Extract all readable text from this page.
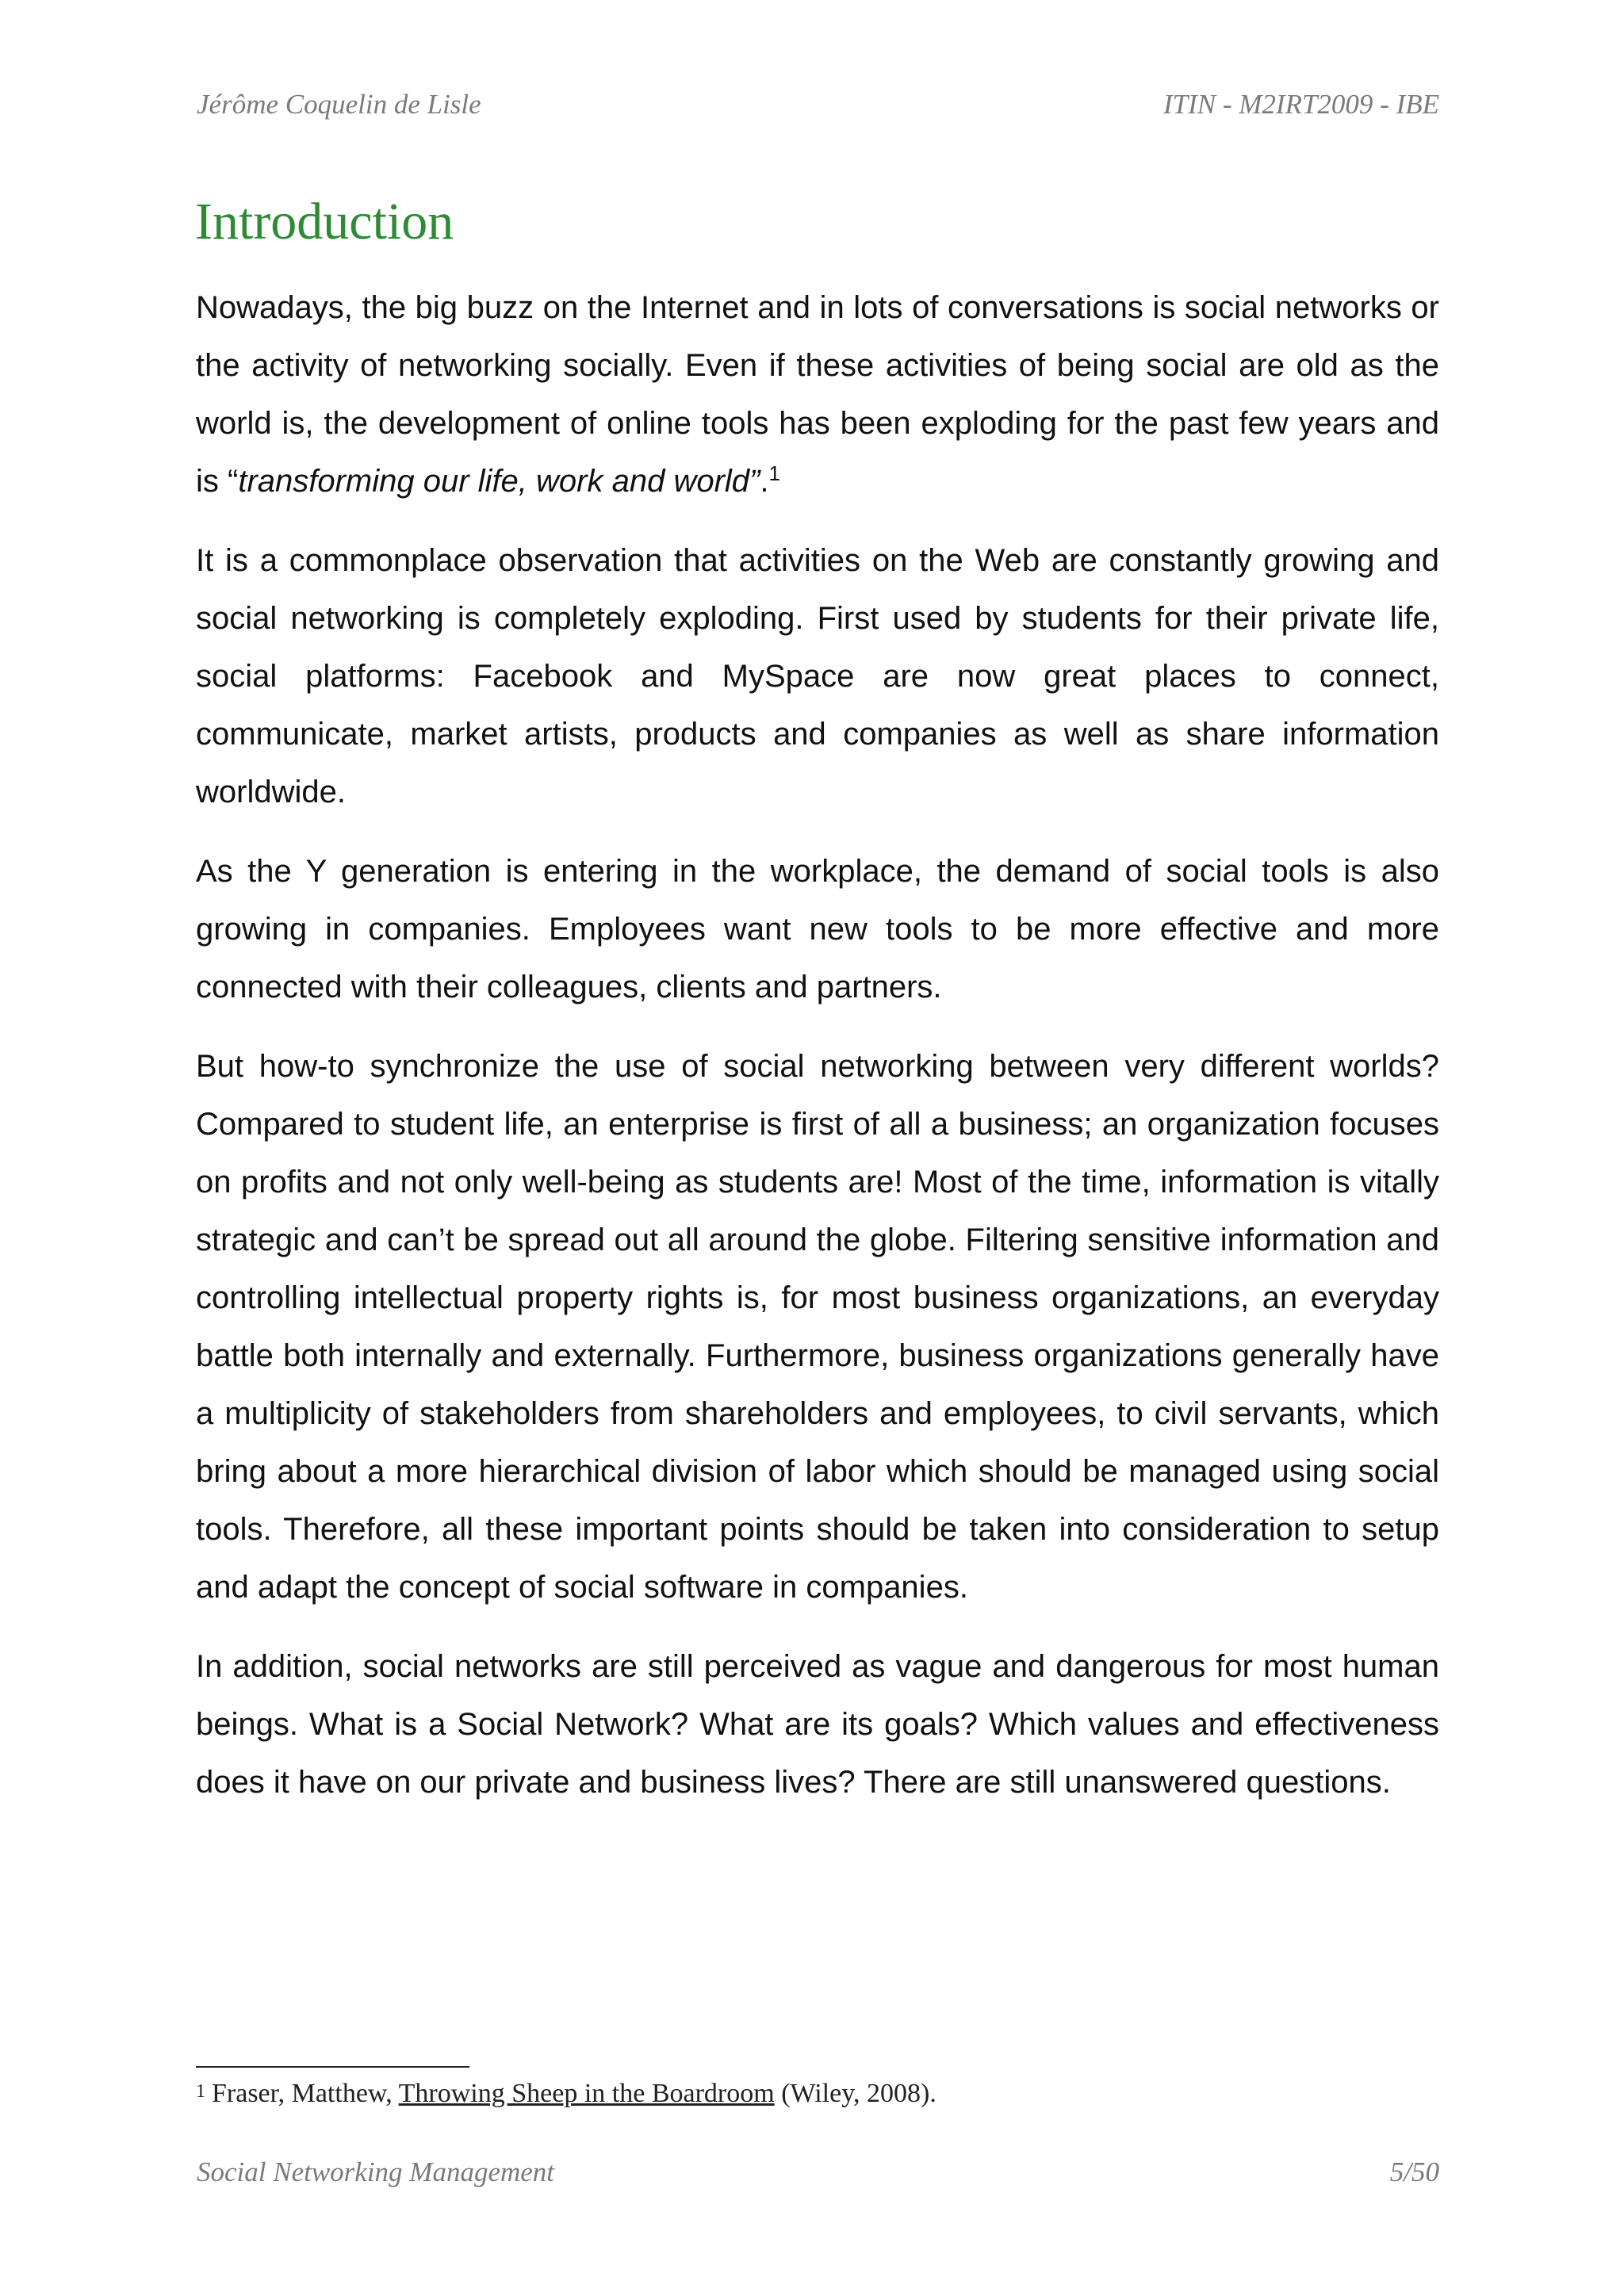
Jérôme Coquelin de Lisle	ITIN - M2IRT2009 - IBE
Introduction

Nowadays, the big buzz on the Internet and in lots of conversations is social networks or the activity of networking socially. Even if these activities of being social are old as the world is, the development of online tools has been exploding for the past few years and is “transforming our life, work and world”.$^1$

It is a commonplace observation that activities on the Web are constantly growing and social networking is completely exploding. First used by students for their private life, social platforms: Facebook and MySpace are now great places to connect, communicate, market artists, products and companies as well as share information worldwide.

As the Y generation is entering in the workplace, the demand of social tools is also growing in companies. Employees want new tools to be more effective and more connected with their colleagues, clients and partners.

But how-to synchronize the use of social networking between very different worlds? Compared to student life, an enterprise is first of all a business; an organization focuses on profits and not only well-being as students are! Most of the time, information is vitally strategic and can’t be spread out all around the globe. Filtering sensitive information and controlling intellectual property rights is, for most business organizations, an everyday battle both internally and externally. Furthermore, business organizations generally have a multiplicity of stakeholders from shareholders and employees, to civil servants, which bring about a more hierarchical division of labor which should be managed using social tools. Therefore, all these important points should be taken into consideration to setup and adapt the concept of social software in companies.

In addition, social networks are still perceived as vague and dangerous for most human beings. What is a Social Network? What are its goals? Which values and effectiveness does it have on our private and business lives? There are still unanswered questions.

1 Fraser, Matthew, Throwing Sheep in the Boardroom (Wiley, 2008).
Social Networking Management	5/50
